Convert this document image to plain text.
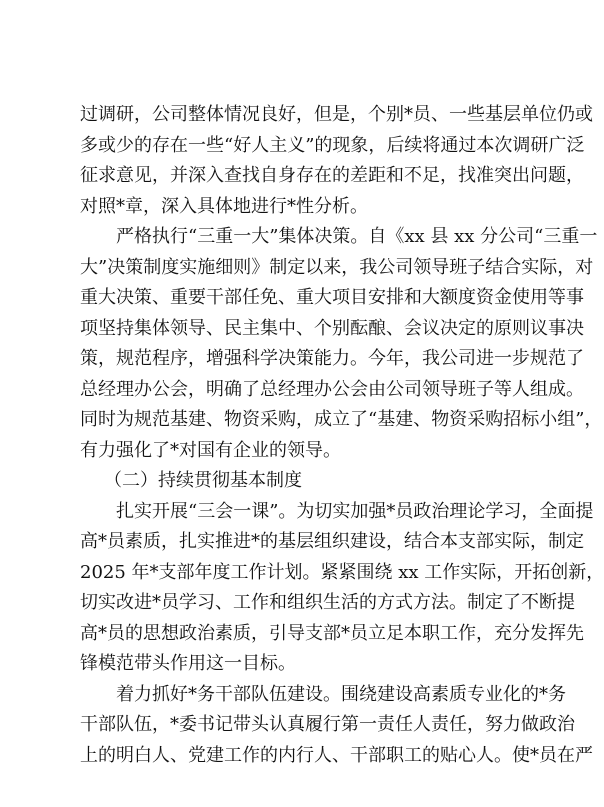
过调研，公司整体情况良好，但是，个别*员、一些基层单位仍或
多或少的存在一些“好人主义”的现象，后续将通过本次调研广泛
征求意见，并深入查找自身存在的差距和不足，找准突出问题，
对照*章，深入具体地进行*性分析。
严格执行“三重一大”集体决策。自《xx 县 xx 分公司“三重一
大”决策制度实施细则》制定以来，我公司领导班子结合实际，对
重大决策、重要干部任免、重大项目安排和大额度资金使用等事
项坚持集体领导、民主集中、个别酝酿、会议决定的原则议事决
策，规范程序，增强科学决策能力。今年，我公司进一步规范了
总经理办公会，明确了总经理办公会由公司领导班子等人组成。
同时为规范基建、物资采购，成立了“基建、物资采购招标小组”，
有力强化了*对国有企业的领导。
（二）持续贯彻基本制度
扎实开展“三会一课”。为切实加强*员政治理论学习，全面提
高*员素质，扎实推进*的基层组织建设，结合本支部实际，制定
2025 年*支部年度工作计划。紧紧围绕 xx 工作实际，开拓创新，
切实改进*员学习、工作和组织生活的方式方法。制定了不断提
高*员的思想政治素质，引导支部*员立足本职工作，充分发挥先
锋模范带头作用这一目标。
着力抓好*务干部队伍建设。围绕建设高素质专业化的*务
干部队伍，*委书记带头认真履行第一责任人责任，努力做政治
上的明白人、党建工作的内行人、干部职工的贴心人。使*员在严
